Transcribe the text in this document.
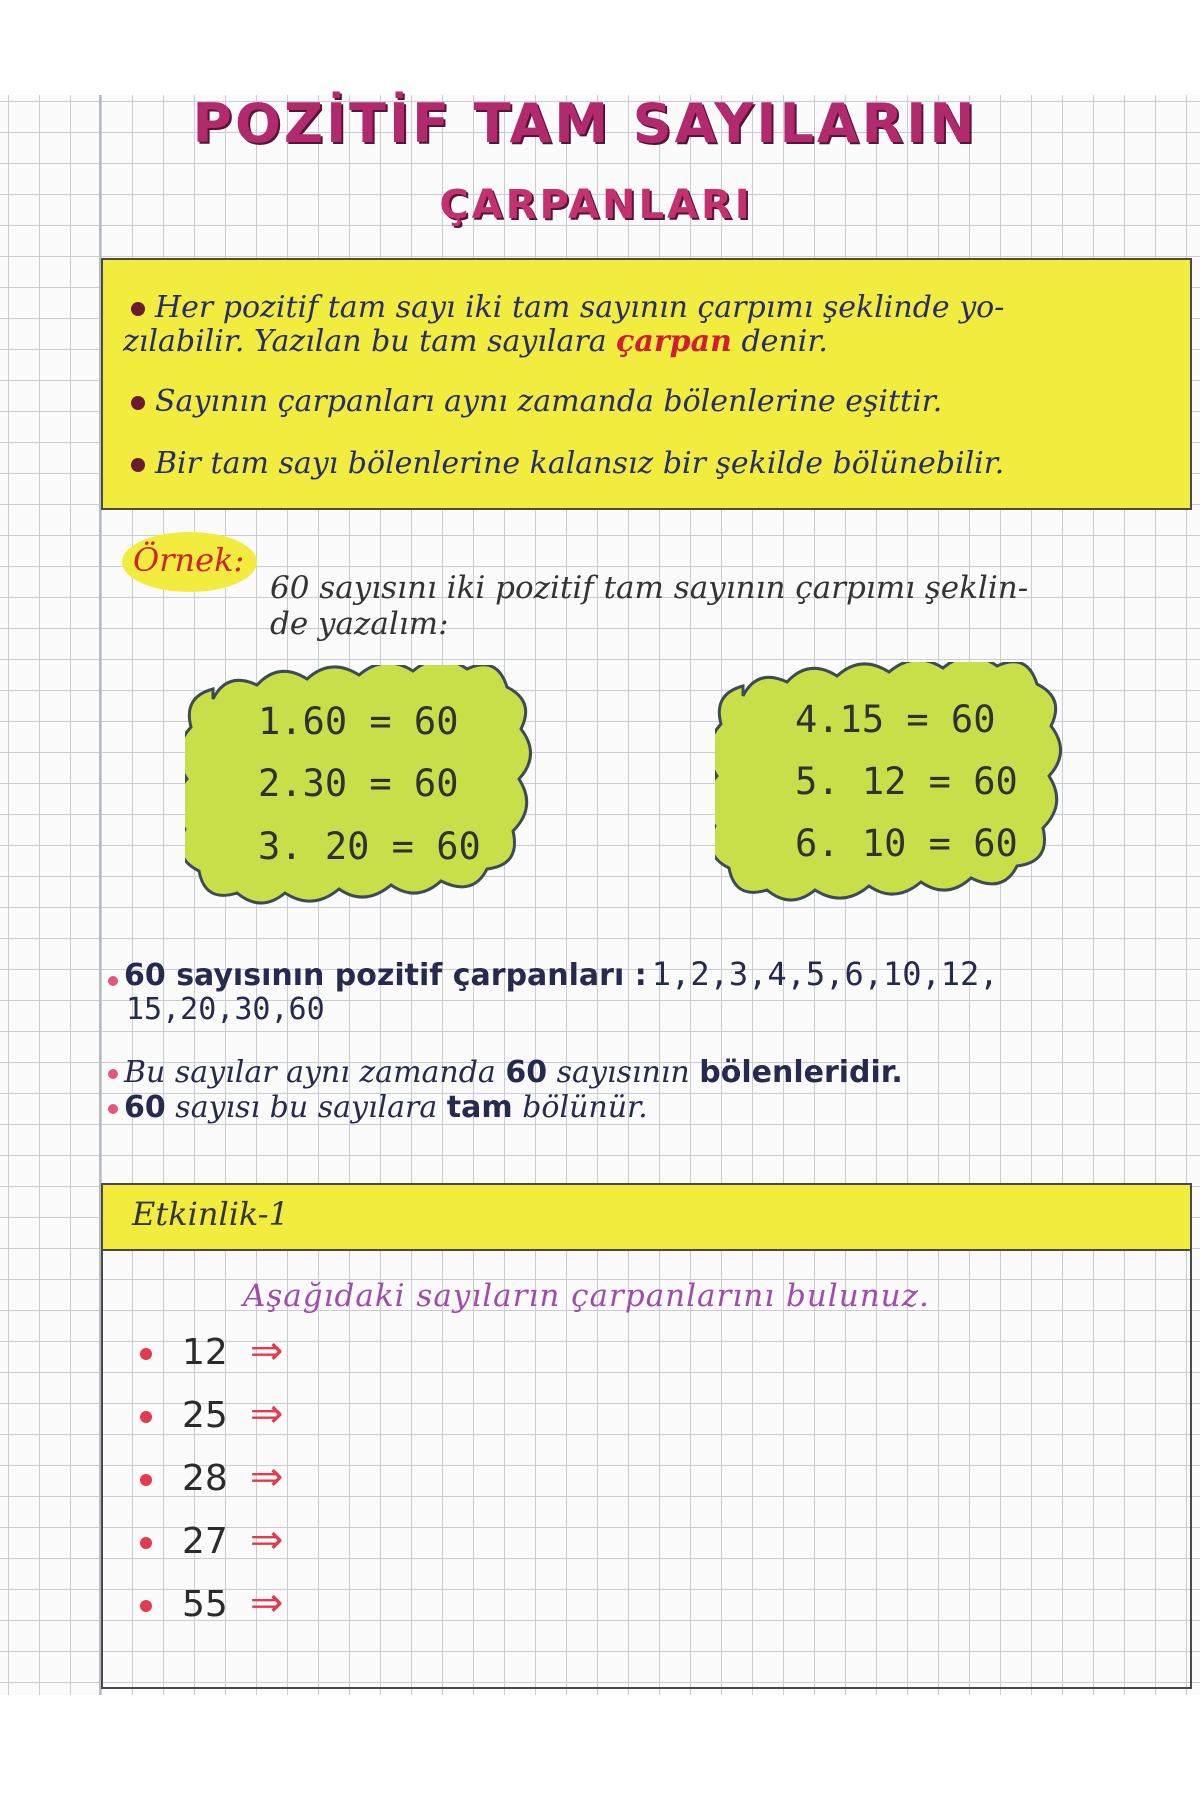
POZİTİF TAM SAYILARIN
ÇARPANLARI
Her pozitif tam sayı iki tam sayının çarpımı şeklinde yo-
zılabilir. Yazılan bu tam sayılara çarpan denir.
Sayının çarpanları aynı zamanda bölenlerine eşittir.
Bir tam sayı bölenlerine kalansız bir şekilde bölünebilir.
Örnek:
60 sayısını iki pozitif tam sayının çarpımı şeklin-
de yazalım:
1.60 = 60
2.30 = 60
3. 20 = 60
4.15 = 60
5. 12 = 60
6. 10 = 60
60 sayısının pozitif çarpanları : 1,2,3,4,5,6,10,12,
15,20,30,60
Bu sayılar aynı zamanda 60 sayısının bölenleridir.
60 sayısı bu sayılara tam bölünür.
Etkinlik-1
Aşağıdaki sayıların çarpanlarını bulunuz.
12 ⇒
25 ⇒
28 ⇒
27 ⇒
55 ⇒
